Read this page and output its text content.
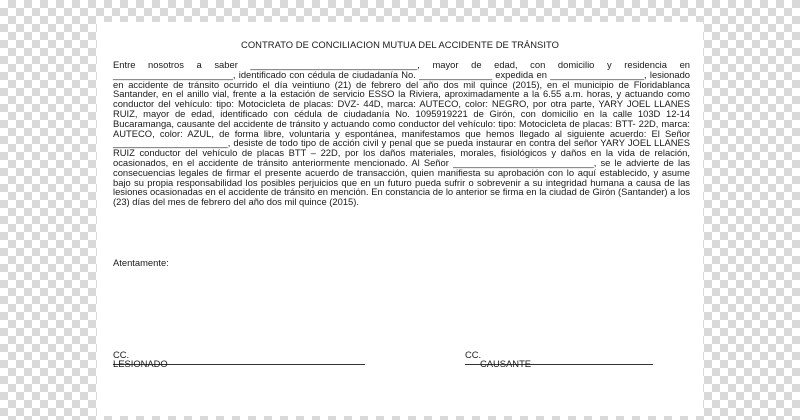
CONTRATO DE CONCILIACION MUTUA DEL ACCIDENTE DE TRÁNSITO

Entre nosotros a saber ________________________________, mayor de edad, con domicilio y residencia en _______________________, identificado con cédula de ciudadanía No. ______________ expedida en __________________, lesionado en accidente de tránsito ocurrido el día veintiuno (21) de febrero del año dos mil quince (2015), en el municipio de Floridablanca Santander, en el anillo vial, frente a la estación de servicio ESSO la Riviera, aproximadamente a la 6.55 a.m. horas, y actuando como conductor del vehículo: tipo: Motocicleta de placas: DVZ- 44D, marca: AUTECO, color: NEGRO, por otra parte, YARY JOEL LLANES RUIZ, mayor de edad, identificado con cédula de ciudadanía No. 1095919221 de Girón, con domicilio en la calle 103D 12-14 Bucaramanga, causante del accidente de tránsito y actuando como conductor del vehículo: tipo: Motocicleta de placas: BTT- 22D, marca: AUTECO, color: AZUL, de forma libre, voluntaria y espontánea, manifestamos que hemos llegado al siguiente acuerdo: El Señor ______________________, desiste de todo tipo de acción civil y penal que se pueda instaurar en contra del señor YARY JOEL LLANES RUIZ conductor del vehículo de placas BTT – 22D, por los daños materiales, morales, fisiológicos y daños en la vida de relación, ocasionados, en el accidente de tránsito anteriormente mencionado. Al Señor ___________________________, se le advierte de las consecuencias legales de firmar el presente acuerdo de transacción, quien manifiesta su aprobación con lo aquí establecido, y asume bajo su propia responsabilidad los posibles perjuicios que en un futuro pueda sufrir o sobrevenir a su integridad humana a causa de las lesiones ocasionadas en el accidente de tránsito en mención. En constancia de lo anterior se firma en la ciudad de Girón (Santander) a los (23) días del mes de febrero del año dos mil quince (2015).

Atentamente:
CC.
LESIONADO
CC.
CAUSANTE
